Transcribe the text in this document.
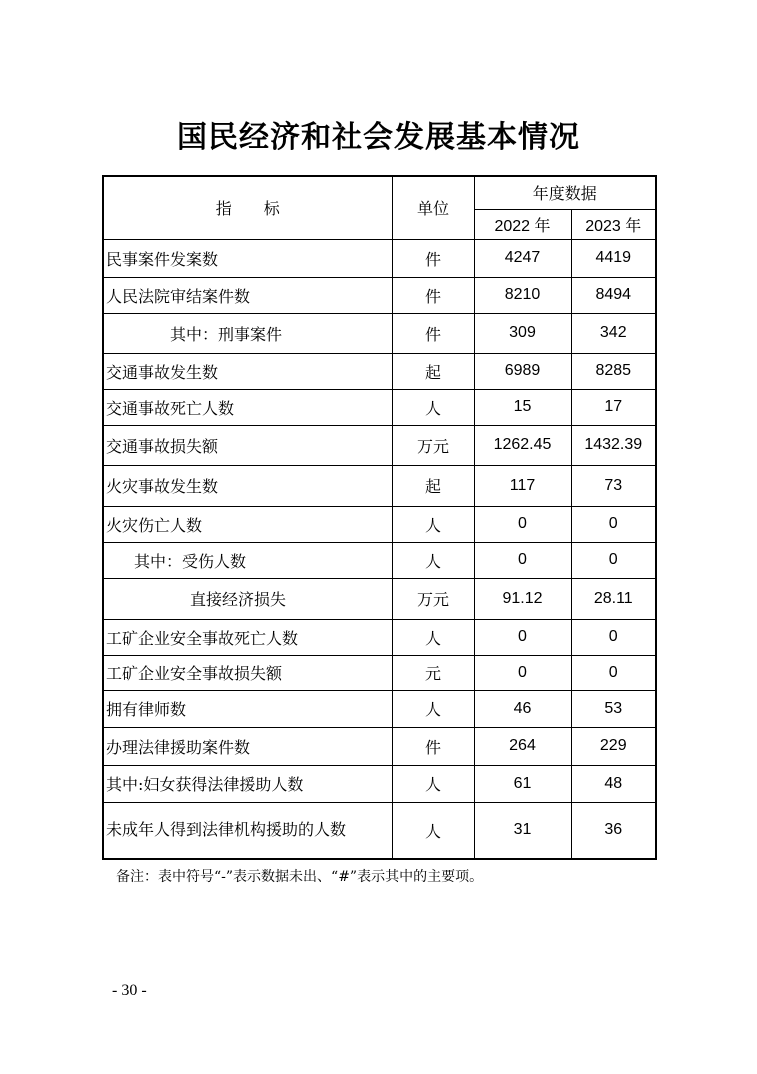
国民经济和社会发展基本情况
指　　标	单位	年度数据	
		2022 年	2023 年
民事案件发案数	件	4247	4419
人民法院审结案件数	件	8210	8494
其中：刑事案件	件	309	342
交通事故发生数	起	6989	8285
交通事故死亡人数	人	15	17
交通事故损失额	万元	1262.45	1432.39
火灾事故发生数	起	117	73
火灾伤亡人数	人	0	0
其中：受伤人数	人	0	0
直接经济损失	万元	91.12	28.11
工矿企业安全事故死亡人数	人	0	0
工矿企业安全事故损失额	元	0	0
拥有律师数	人	46	53
办理法律援助案件数	件	264	229
其中:妇女获得法律援助人数	人	61	48
未成年人得到法律机构援助的人数	人	31	36
备注：表中符号“-”表示数据未出、“#”表示其中的主要项。
- 30 -
